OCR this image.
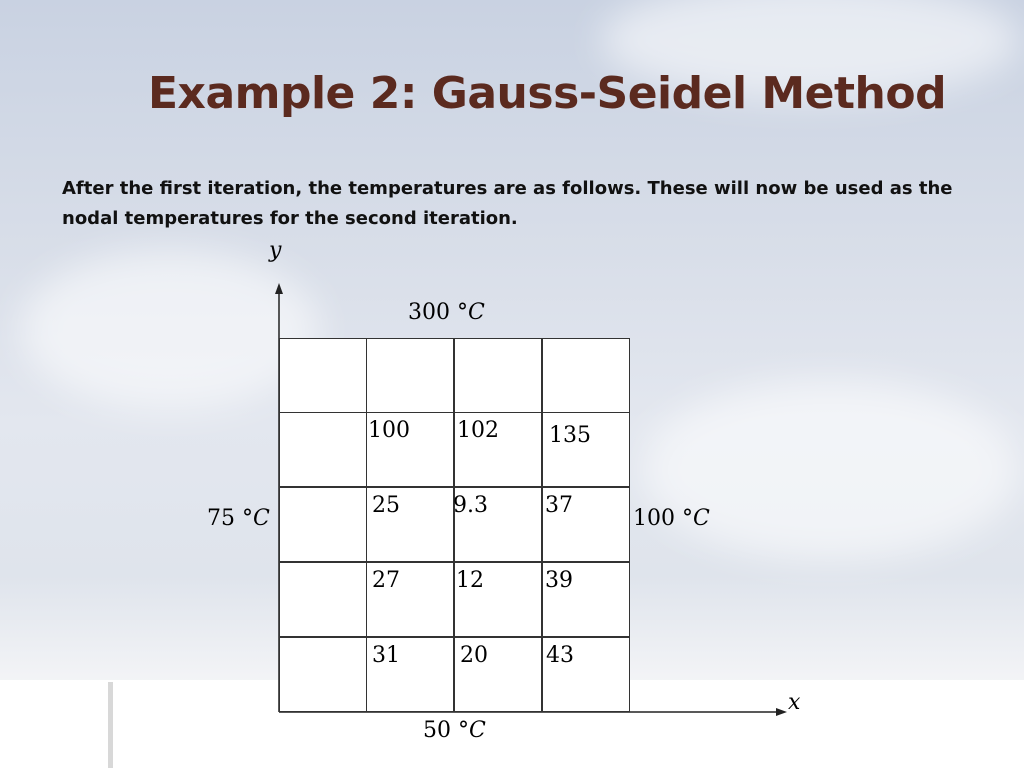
Example 2: Gauss-Seidel Method

After the first iteration, the temperatures are as follows. These will now be used as the nodal temperatures for the second iteration.

y
x
300 °C
75 °C	100 °C
50 °C
100 102 135
25 9.3	37
27	12	39
31	20	43
